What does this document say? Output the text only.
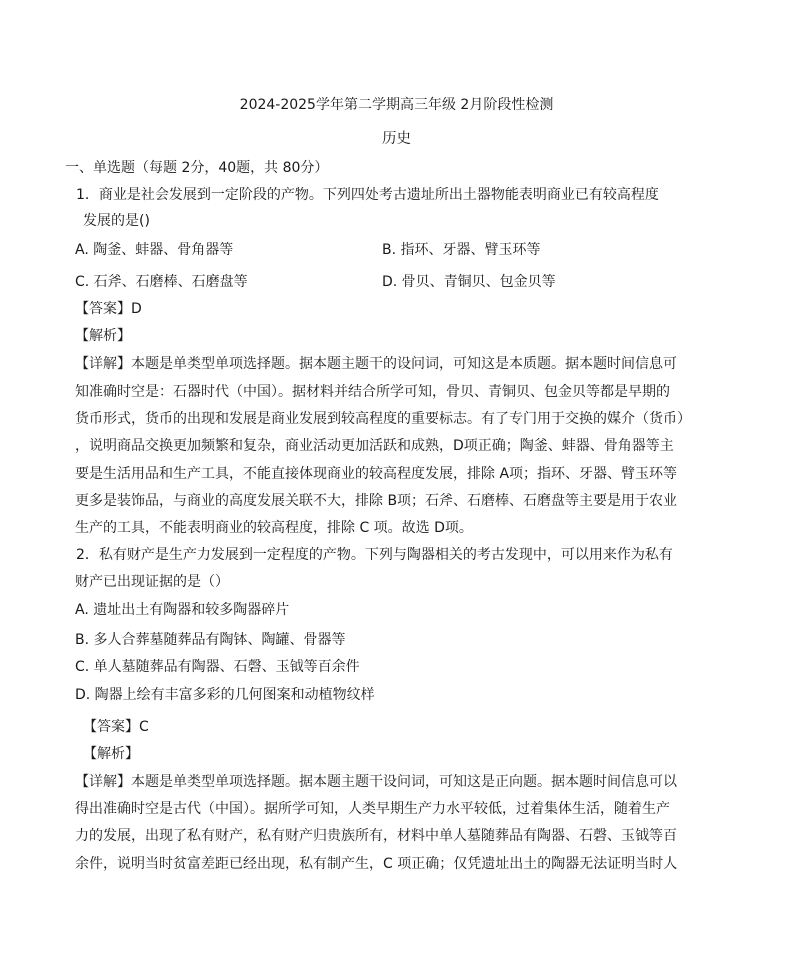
2024-2025学年第二学期高三年级 2月阶段性检测
历史
一、单选题（每题 2分，40题，共 80分）
1．商业是社会发展到一定阶段的产物。下列四处考古遗址所出土器物能表明商业已有较高程度
发展的是()
A. 陶釜、蚌器、骨角器等	B. 指环、牙器、臂玉环等
C. 石斧、石磨棒、石磨盘等	D. 骨贝、青铜贝、包金贝等
【答案】D
【解析】
【详解】本题是单类型单项选择题。据本题主题干的设问词，可知这是本质题。据本题时间信息可
知准确时空是：石器时代（中国）。据材料并结合所学可知，骨贝、青铜贝、包金贝等都是早期的
货币形式，货币的出现和发展是商业发展到较高程度的重要标志。有了专门用于交换的媒介（货币）
，说明商品交换更加频繁和复杂，商业活动更加活跃和成熟，D项正确；陶釜、蚌器、骨角器等主
要是生活用品和生产工具，不能直接体现商业的较高程度发展，排除 A项；指环、牙器、臂玉环等
更多是装饰品，与商业的高度发展关联不大，排除 B项；石斧、石磨棒、石磨盘等主要是用于农业
生产的工具，不能表明商业的较高程度，排除 C 项。故选 D项。
2．私有财产是生产力发展到一定程度的产物。下列与陶器相关的考古发现中，可以用来作为私有
财产已出现证据的是（）
A. 遗址出土有陶器和较多陶器碎片
B. 多人合葬墓随葬品有陶钵、陶罐、骨器等
C. 单人墓随葬品有陶器、石磬、玉钺等百余件
D. 陶器上绘有丰富多彩的几何图案和动植物纹样
【答案】C
【解析】
【详解】本题是单类型单项选择题。据本题主题干设问词，可知这是正向题。据本题时间信息可以
得出准确时空是古代（中国）。据所学可知，人类早期生产力水平较低，过着集体生活，随着生产
力的发展，出现了私有财产，私有财产归贵族所有，材料中单人墓随葬品有陶器、石磬、玉钺等百
余件，说明当时贫富差距已经出现，私有制产生，C 项正确；仅凭遗址出土的陶器无法证明当时人
